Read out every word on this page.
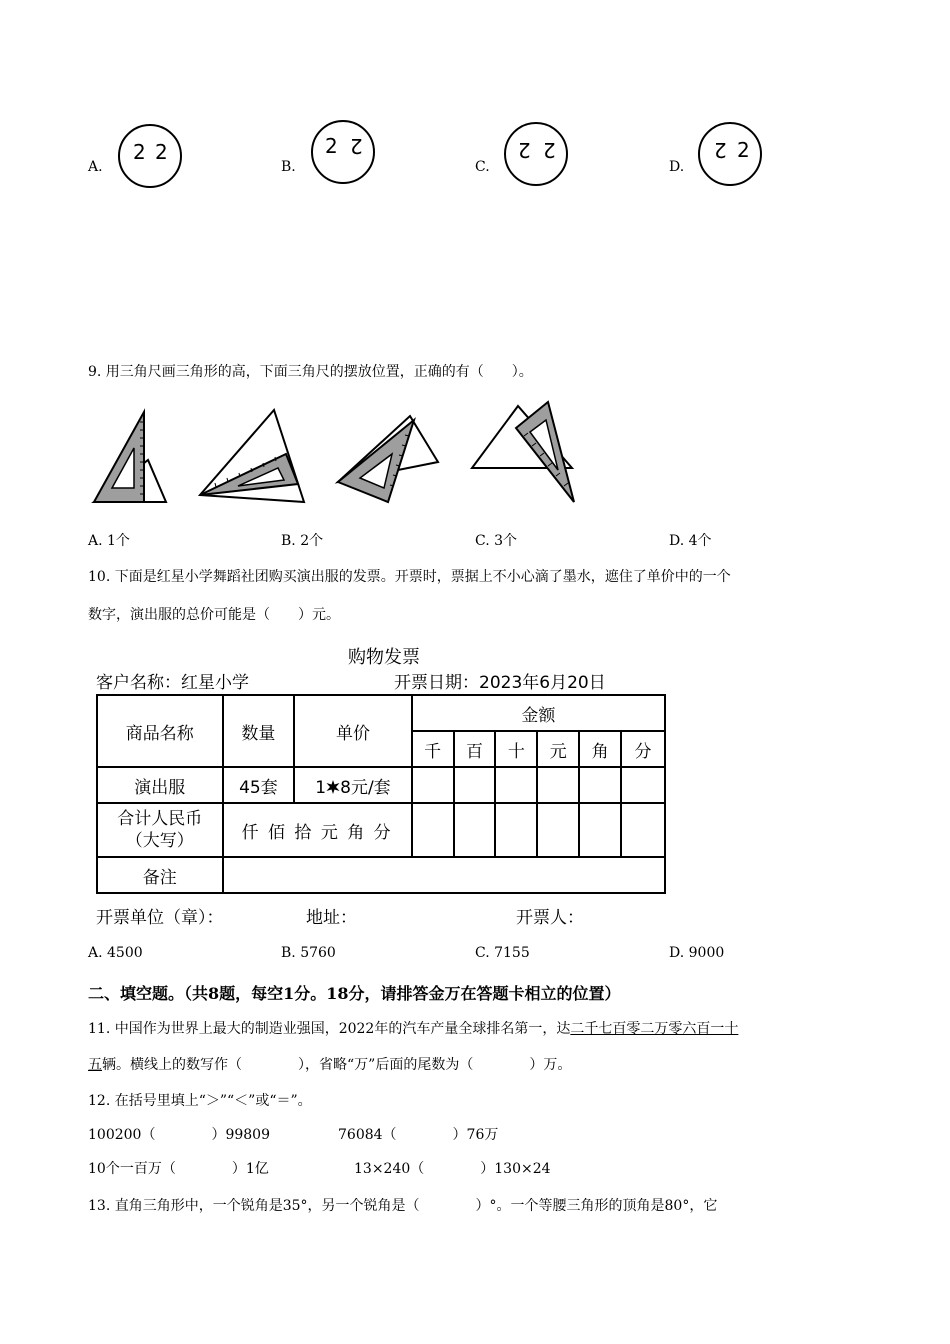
A.
2 2
B.
2 2
C.
2 2
D.
2 2
9. 用三角尺画三角形的高，下面三角尺的摆放位置，正确的有（　　）。
A. 1个	B. 2个	C. 3个	D. 4个
10. 下面是红星小学舞蹈社团购买演出服的发票。开票时，票据上不小心滴了墨水，遮住了单价中的一个
数字，演出服的总价可能是（　　）元。
购物发票
客户名称：红星小学	开票日期：2023年6月20日
商品名称	数量	单价	金额					
			千	百	十	元	角	分
演出服	45套	1 8元/套						

合计人民币
（大写）	仟 佰 拾 元 角 分							
备注								
开票单位（章）：	地址：	开票人：
A. 4500	B. 5760	C. 7155	D. 9000
二、填空题。（共8题，每空1分。18分，请排答金万在答题卡相立的位置）
11. 中国作为世界上最大的制造业强国，2022年的汽车产量全球排名第一，达二千七百零二万零六百一十
五辆。横线上的数写作（　　　　），省略“万”后面的尾数为（　　　　）万。
12. 在括号里填上“＞”“＜”或“＝”。
100200（　　　　）99809	76084（　　　　）76万
10个一百万（　　　　）1亿	13×240（　　　　）130×24
13. 直角三角形中，一个锐角是35°，另一个锐角是（　　　　）°。一个等腰三角形的顶角是80°，它
